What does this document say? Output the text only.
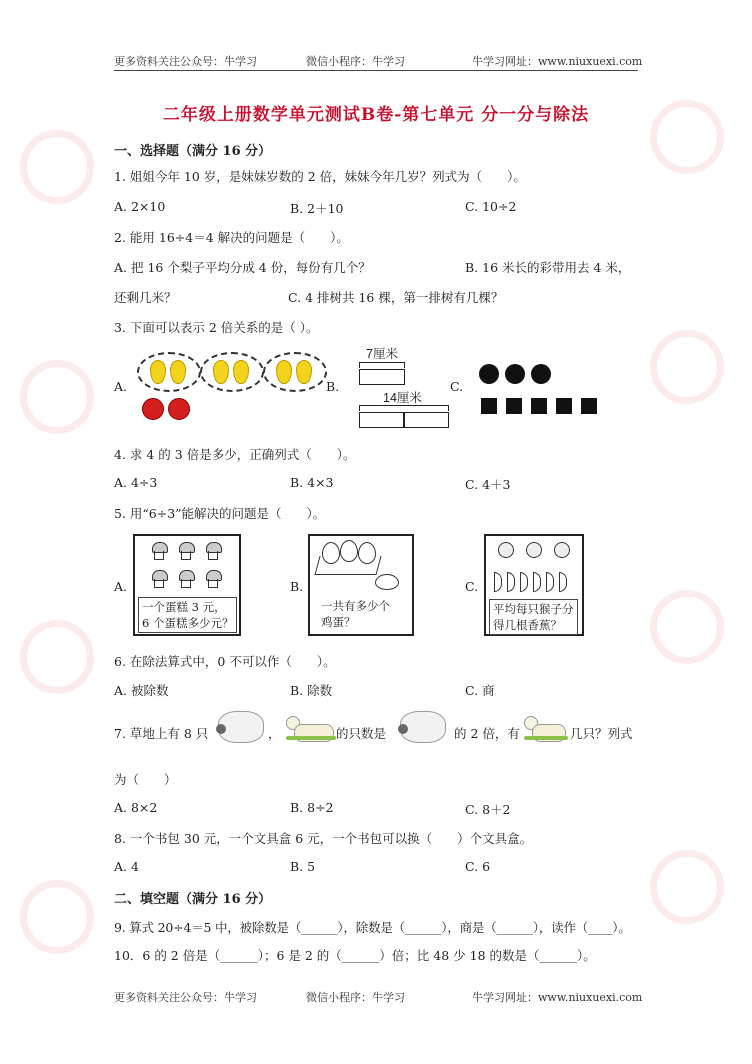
更多资料关注公众号：牛学习	微信小程序：牛学习	牛学习网址：www.niuxuexi.com
二年级上册数学单元测试B卷-第七单元 分一分与除法
一、选择题（满分 16 分）
1. 姐姐今年 10 岁，是妹妹岁数的 2 倍，妹妹今年几岁？列式为（　　）。
A. 2×10	B. 2＋10	C. 10÷2
2. 能用 16÷4＝4 解决的问题是（　　）。
A. 把 16 个梨子平均分成 4 份，每份有几个？	B. 16 米长的彩带用去 4 米，
还剩几米？	C. 4 排树共 16 棵，第一排树有几棵？
3. 下面可以表示 2 倍关系的是（ ）。
A.	B.
7厘米
14厘米
C.
4. 求 4 的 3 倍是多少，正确列式（　　）。
A. 4÷3	B. 4×3	C. 4＋3
5. 用“6÷3”能解决的问题是（　　）。
A.
一个蛋糕 3 元，
6 个蛋糕多少元？
B.
一共有多少个
鸡蛋？
C.
平均每只猴子分
得几根香蕉？
6. 在除法算式中，0 不可以作（　　）。
A. 被除数	B. 除数	C. 商
7. 草地上有 8 只	，	的只数是	的 2 倍，有	几只？列式
为（　　）
A. 8×2	B. 8÷2	C. 8＋2
8. 一个书包 30 元，一个文具盒 6 元，一个书包可以换（　　）个文具盒。
A. 4	B. 5	C. 6
二、填空题（满分 16 分）
9. 算式 20÷4＝5 中，被除数是（______），除数是（______），商是（______），读作（____）。
10．6 的 2 倍是（______）；6 是 2 的（______）倍；比 48 少 18 的数是（______）。
更多资料关注公众号：牛学习	微信小程序：牛学习	牛学习网址：www.niuxuexi.com
